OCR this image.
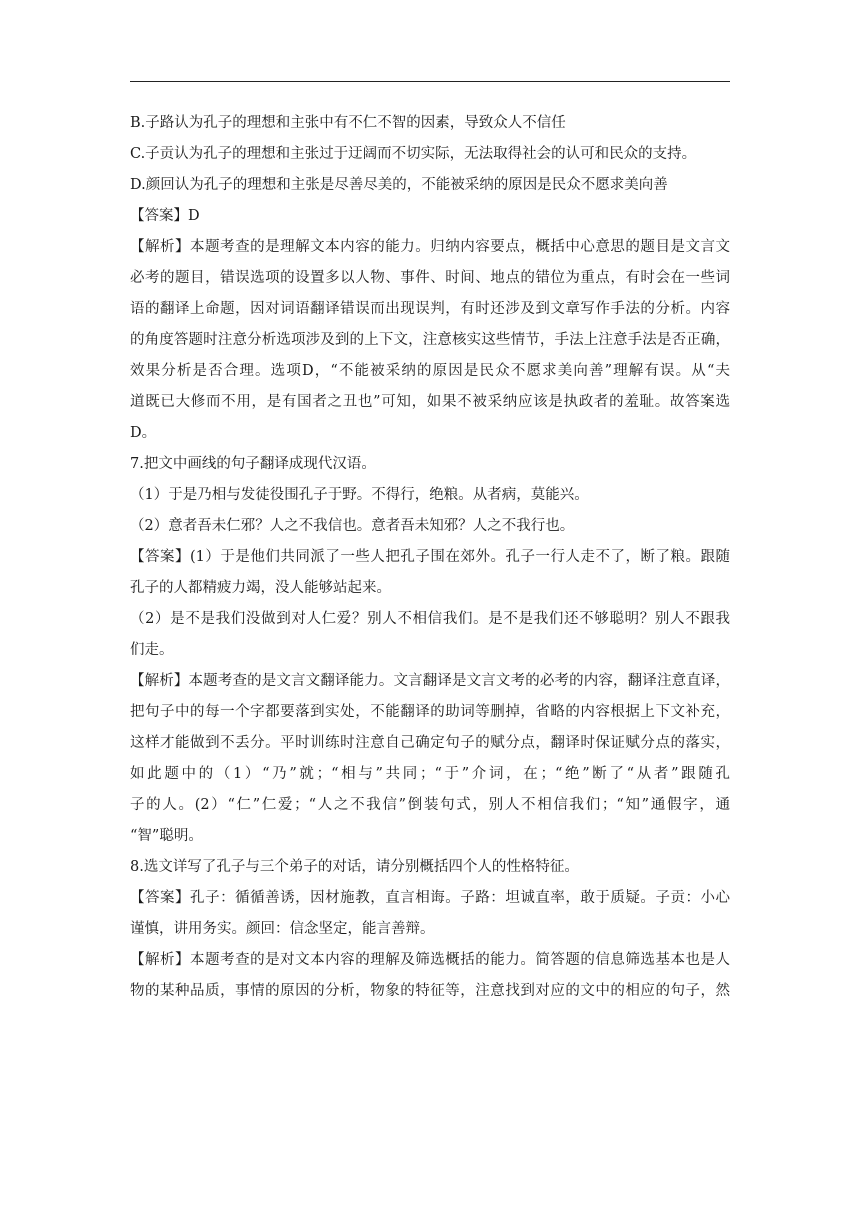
B.子路认为孔子的理想和主张中有不仁不智的因素，导致众人不信任
C.子贡认为孔子的理想和主张过于迂阔而不切实际，无法取得社会的认可和民众的支持。
D.颜回认为孔子的理想和主张是尽善尽美的，不能被采纳的原因是民众不愿求美向善
【答案】D
【解析】本题考查的是理解文本内容的能力。归纳内容要点，概括中心意思的题目是文言文
必考的题目，错误选项的设置多以人物、事件、时间、地点的错位为重点，有时会在一些词
语的翻译上命题，因对词语翻译错误而出现误判，有时还涉及到文章写作手法的分析。内容
的角度答题时注意分析选项涉及到的上下文，注意核实这些情节，手法上注意手法是否正确，
效果分析是否合理。选项D，“不能被采纳的原因是民众不愿求美向善”理解有误。从“夫
道既已大修而不用，是有国者之丑也”可知，如果不被采纳应该是执政者的羞耻。故答案选
D。
7.把文中画线的句子翻译成现代汉语。
（1）于是乃相与发徒役围孔子于野。不得行，绝粮。从者病，莫能兴。
（2）意者吾未仁邪？人之不我信也。意者吾未知邪？人之不我行也。
【答案】(1）于是他们共同派了一些人把孔子围在郊外。孔子一行人走不了，断了粮。跟随
孔子的人都精疲力竭，没人能够站起来。
（2）是不是我们没做到对人仁爱？别人不相信我们。是不是我们还不够聪明？别人不跟我
们走。
【解析】本题考查的是文言文翻译能力。文言翻译是文言文考的必考的内容，翻译注意直译，
把句子中的每一个字都要落到实处，不能翻译的助词等删掉，省略的内容根据上下文补充，
这样才能做到不丢分。平时训练时注意自己确定句子的赋分点，翻译时保证赋分点的落实，
如此题中的（1）“乃”就；“相与”共同；“于”介词，在；“绝”断了“从者”跟随孔
子的人。(2）“仁”仁爱；“人之不我信”倒装句式，别人不相信我们；“知”通假字，通
“智”聪明。
8.选文详写了孔子与三个弟子的对话，请分别概括四个人的性格特征。
【答案】孔子：循循善诱，因材施教，直言相诲。子路：坦诚直率，敢于质疑。子贡：小心
谨慎，讲用务实。颜回：信念坚定，能言善辩。
【解析】本题考查的是对文本内容的理解及筛选概括的能力。简答题的信息筛选基本也是人
物的某种品质，事情的原因的分析，物象的特征等，注意找到对应的文中的相应的句子，然
